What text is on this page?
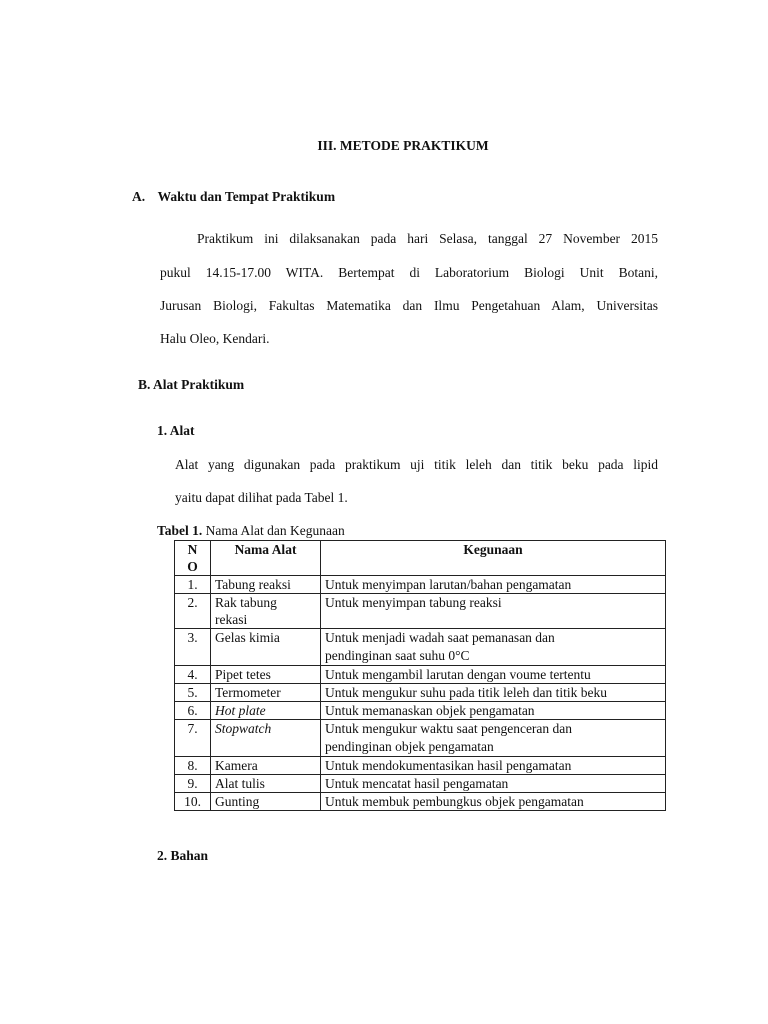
III. METODE PRAKTIKUM
A. Waktu dan Tempat Praktikum
Praktikum ini dilaksanakan pada hari Selasa, tanggal 27 November 2015
pukul 14.15-17.00 WITA. Bertempat di Laboratorium Biologi Unit Botani,
Jurusan Biologi, Fakultas Matematika dan Ilmu Pengetahuan Alam, Universitas
Halu Oleo, Kendari.
B. Alat Praktikum
1. Alat
Alat yang digunakan pada praktikum uji titik leleh dan titik beku pada lipid
yaitu dapat dilihat pada Tabel 1.
Tabel 1. Nama Alat dan Kegunaan
N
O	Nama Alat	Kegunaan
1.	Tabung reaksi	Untuk menyimpan larutan/bahan pengamatan
2.	Rak tabung
rekasi	Untuk menyimpan tabung reaksi
3.	Gelas kimia	Untuk menjadi wadah saat pemanasan dan
pendinginan saat suhu 0°C
4.	Pipet tetes	Untuk mengambil larutan dengan voume tertentu
5.	Termometer	Untuk mengukur suhu pada titik leleh dan titik beku
6.	Hot plate	Untuk memanaskan objek pengamatan
7.	Stopwatch	Untuk mengukur waktu saat pengenceran dan
pendinginan objek pengamatan
8.	Kamera	Untuk mendokumentasikan hasil pengamatan
9.	Alat tulis	Untuk mencatat hasil pengamatan
10.	Gunting	Untuk membuk pembungkus objek pengamatan
2. Bahan
